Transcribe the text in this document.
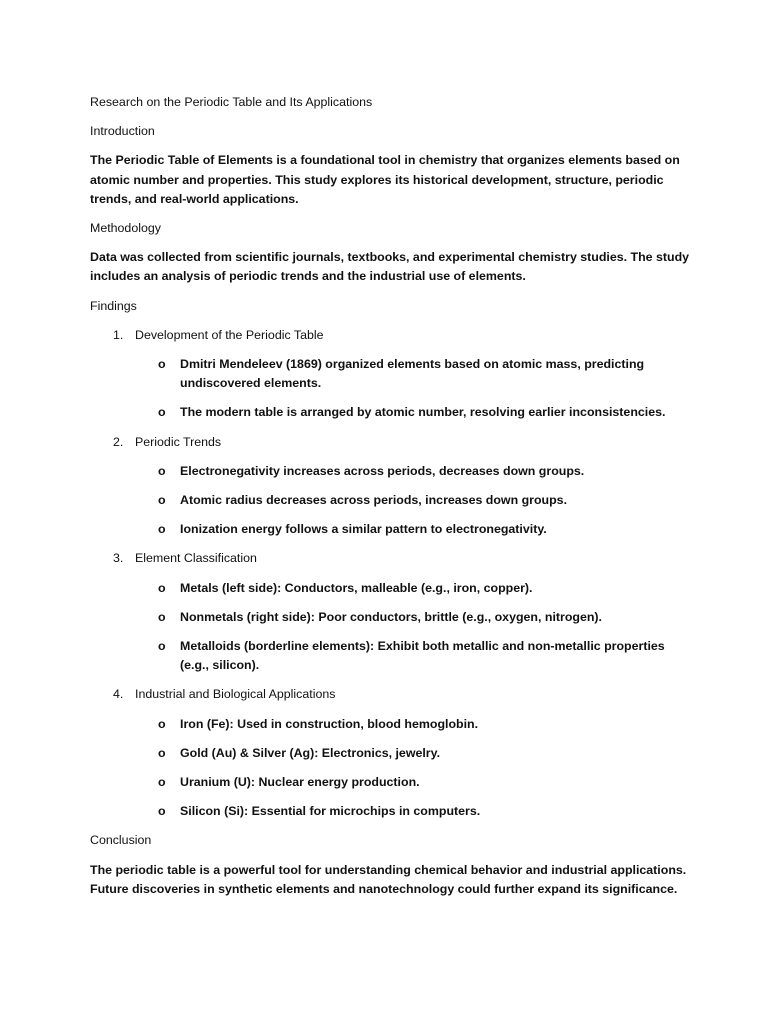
Research on the Periodic Table and Its Applications

Introduction

The Periodic Table of Elements is a foundational tool in chemistry that organizes elements based on atomic number and properties. This study explores its historical development, structure, periodic trends, and real-world applications.

Methodology

Data was collected from scientific journals, textbooks, and experimental chemistry studies. The study includes an analysis of periodic trends and the industrial use of elements.

Findings

1. Development of the Periodic Table

o Dmitri Mendeleev (1869) organized elements based on atomic mass, predicting undiscovered elements.
o The modern table is arranged by atomic number, resolving earlier inconsistencies.

2. Periodic Trends

o Electronegativity increases across periods, decreases down groups.
o Atomic radius decreases across periods, increases down groups.
o Ionization energy follows a similar pattern to electronegativity.

3. Element Classification

o Metals (left side): Conductors, malleable (e.g., iron, copper).
o Nonmetals (right side): Poor conductors, brittle (e.g., oxygen, nitrogen).
o Metalloids (borderline elements): Exhibit both metallic and non-metallic properties (e.g., silicon).

4. Industrial and Biological Applications

o Iron (Fe): Used in construction, blood hemoglobin.
o Gold (Au) & Silver (Ag): Electronics, jewelry.
o Uranium (U): Nuclear energy production.
o Silicon (Si): Essential for microchips in computers.

Conclusion

The periodic table is a powerful tool for understanding chemical behavior and industrial applications. Future discoveries in synthetic elements and nanotechnology could further expand its significance.
